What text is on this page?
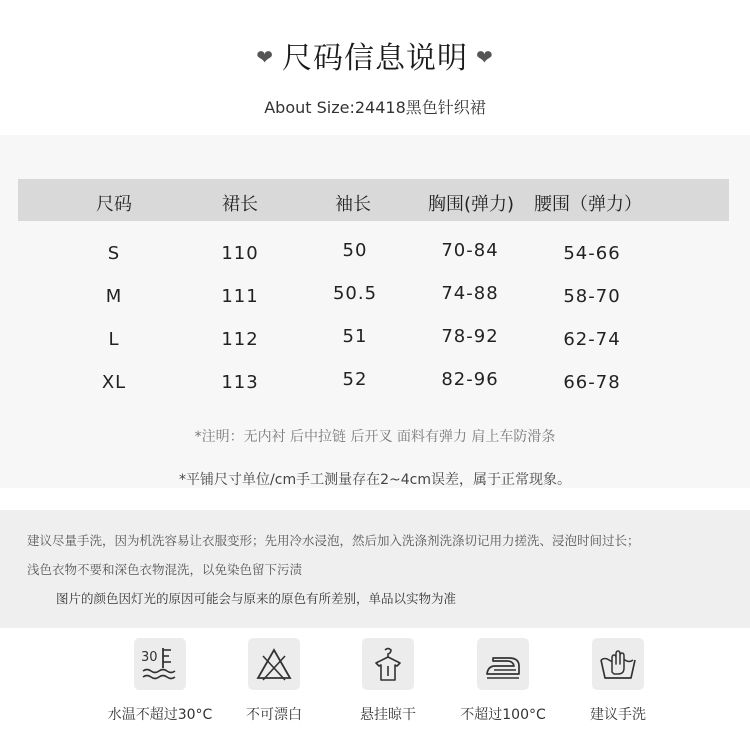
❤ 尺码信息说明 ❤
About Size:24418黑色针织裙
尺码	裙长	袖长	胸围(弹力)	腰围（弹力）
S	110	50	70-84	54-66
M	111	50.5	74-88	58-70
L	112	51	78-92	62-74
XL	113	52	82-96	66-78
*注明：无内衬 后中拉链 后开叉 面料有弹力 肩上车防滑条
*平铺尺寸单位/cm手工测量存在2~4cm误差，属于正常现象。
建议尽量手洗，因为机洗容易让衣服变形；先用冷水浸泡，然后加入洗涤剂洗涤切记用力搓洗、浸泡时间过长；
浅色衣物不要和深色衣物混洗，以免染色留下污渍
图片的颜色因灯光的原因可能会与原来的原色有所差别，单品以实物为准
30
水温不超过30°C	不可漂白	悬挂晾干	不超过100°C	建议手洗
